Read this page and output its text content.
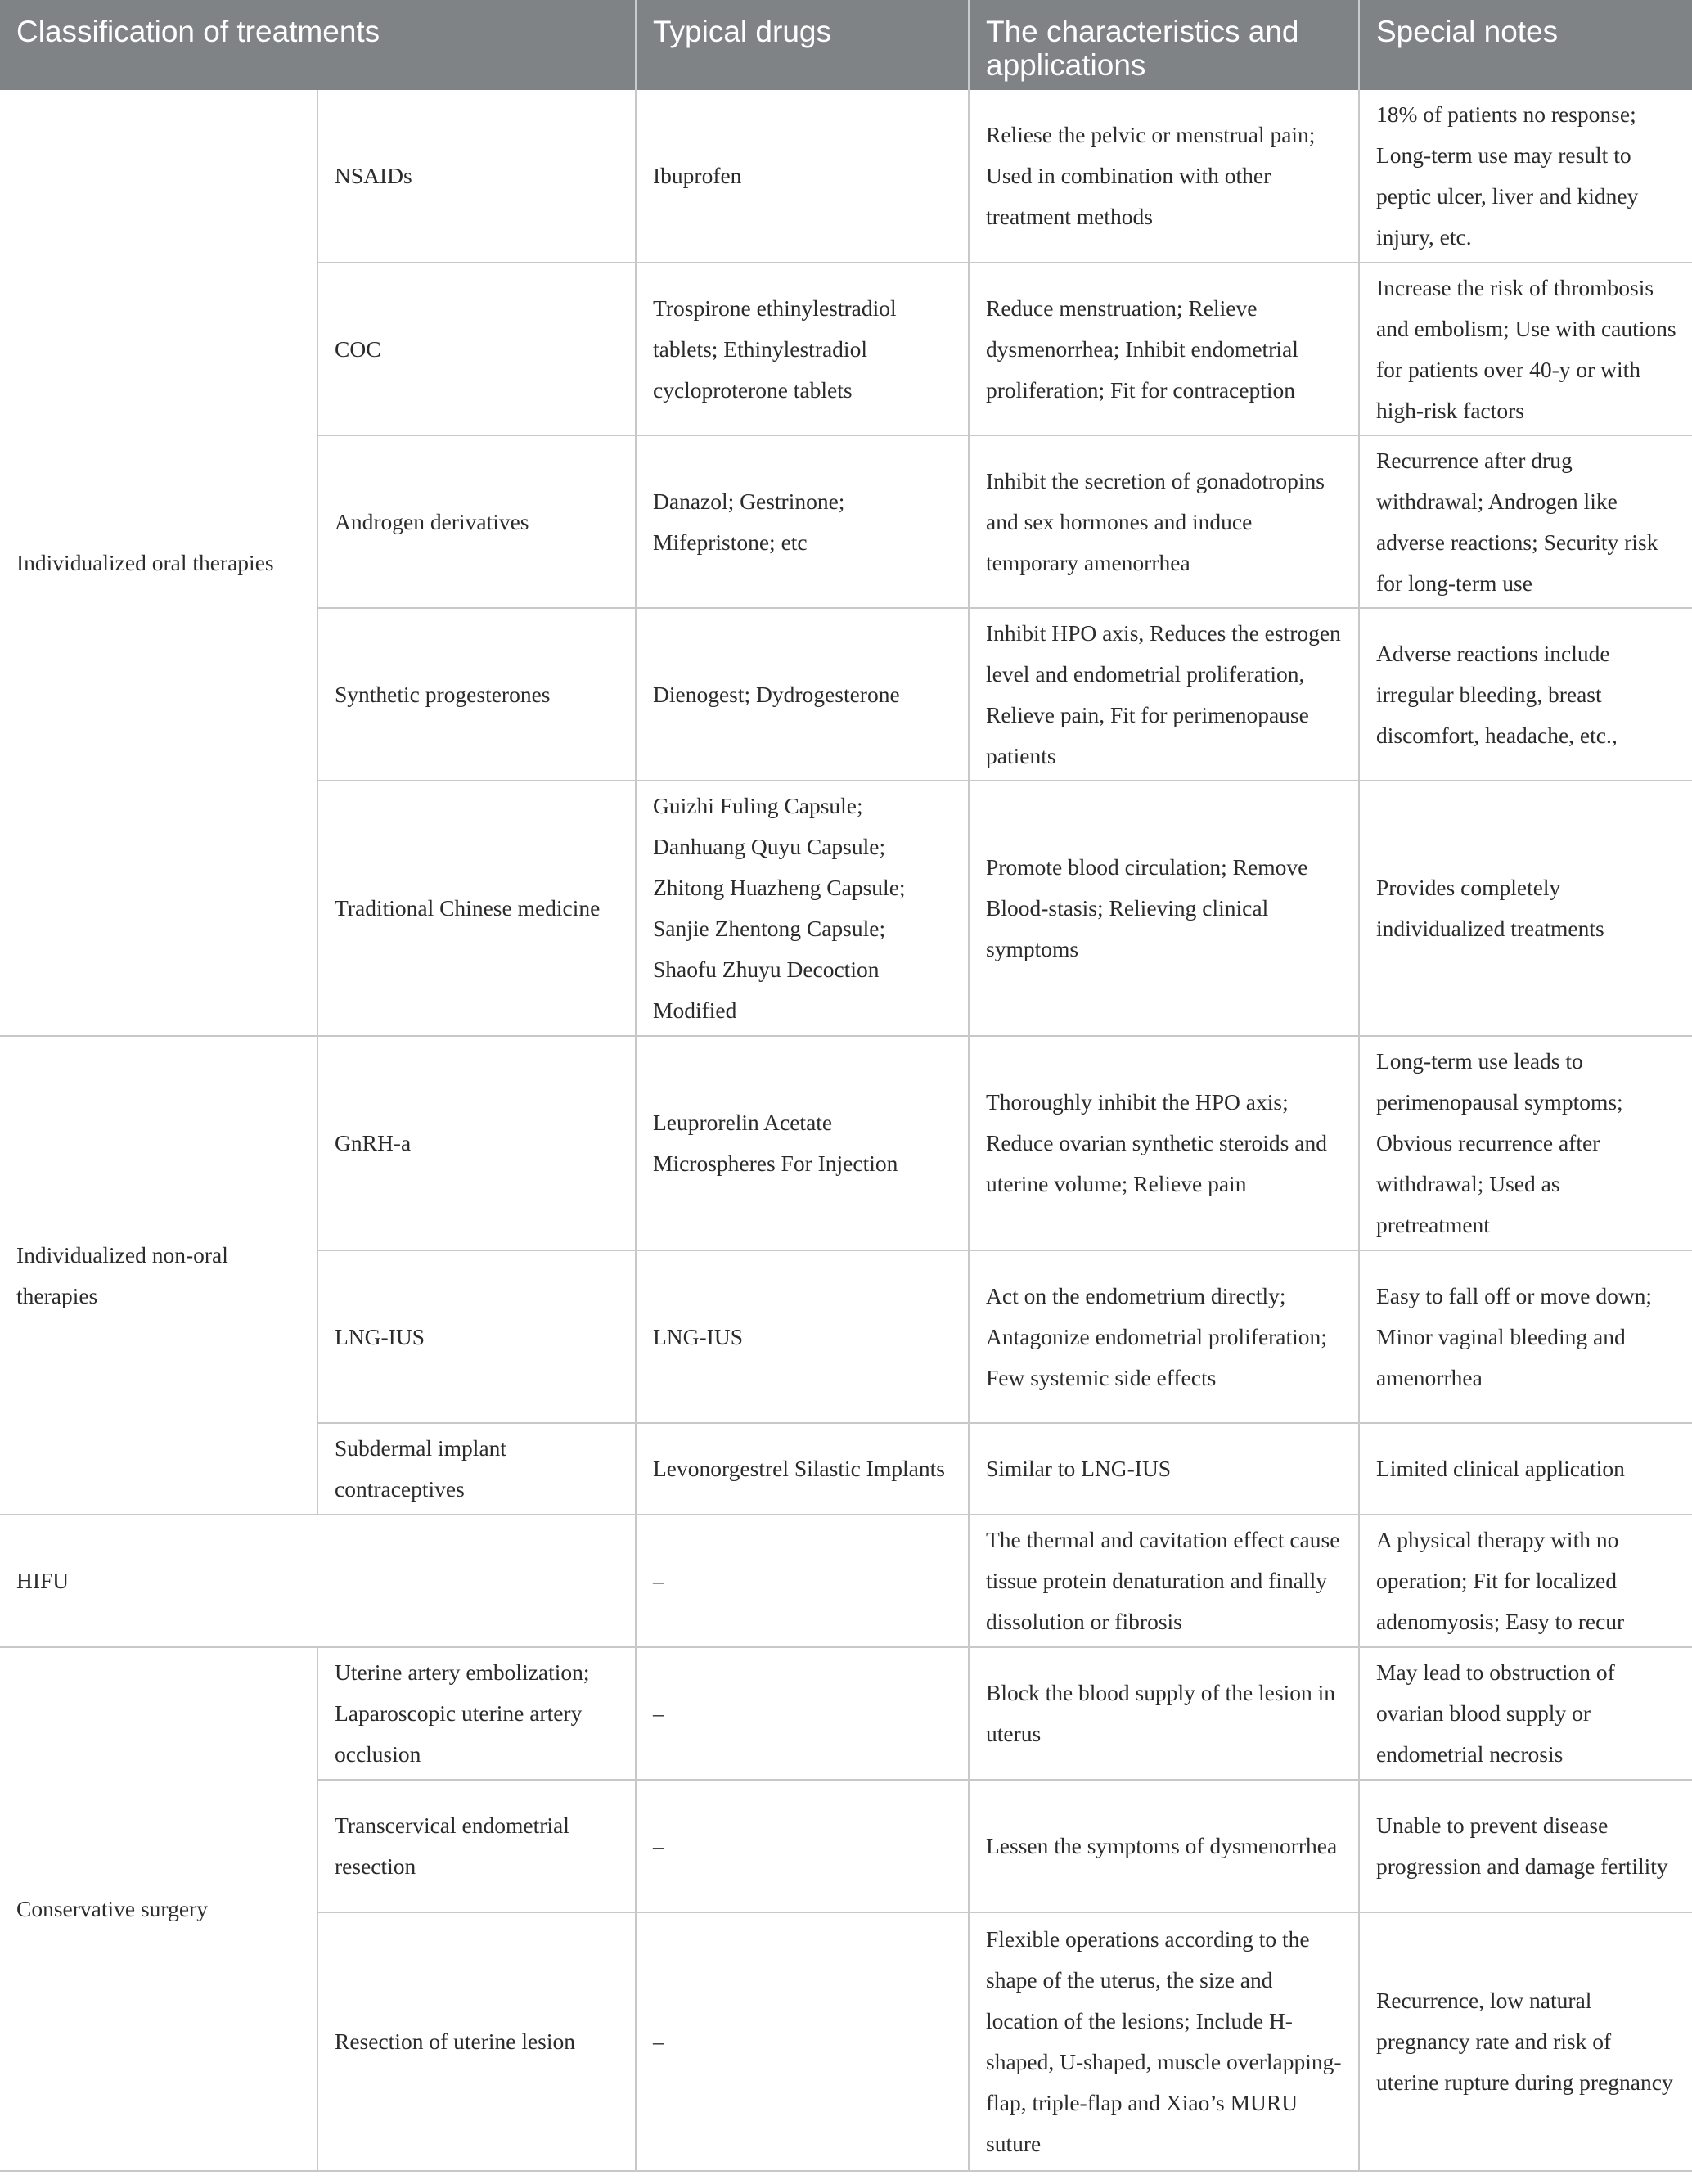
Classification of treatments		Typical drugs	The characteristics and applications	Special notes
Individualized oral therapies	NSAIDs	Ibuprofen	Reliese the pelvic or menstrual pain; Used in combination with other treatment methods	18% of patients no response; Long-term use may result to peptic ulcer, liver and kidney injury, etc.
	COC	Trospirone ethinylestradiol tablets; Ethinylestradiol cycloproterone tablets	Reduce menstruation; Relieve dysmenorrhea; Inhibit endometrial proliferation; Fit for contraception	Increase the risk of thrombosis and embolism; Use with cautions for patients over 40-y or with high-risk factors
	Androgen derivatives	Danazol; Gestrinone; Mifepristone; etc	Inhibit the secretion of gonadotropins and sex hormones and induce temporary amenorrhea	Recurrence after drug withdrawal; Androgen like adverse reactions; Security risk for long-term use
	Synthetic progesterones	Dienogest; Dydrogesterone	Inhibit HPO axis, Reduces the estrogen level and endometrial proliferation, Relieve pain, Fit for perimenopause patients	Adverse reactions include irregular bleeding, breast discomfort, headache, etc.,
	Traditional Chinese medicine	Guizhi Fuling Capsule; Danhuang Quyu Capsule; Zhitong Huazheng Capsule; Sanjie Zhentong Capsule; Shaofu Zhuyu Decoction Modified	Promote blood circulation; Remove Blood-stasis; Relieving clinical symptoms	Provides completely individualized treatments
Individualized non-oral therapies	GnRH-a	Leuprorelin Acetate Microspheres For Injection	Thoroughly inhibit the HPO axis; Reduce ovarian synthetic steroids and uterine volume; Relieve pain	Long-term use leads to perimenopausal symptoms; Obvious recurrence after withdrawal; Used as pretreatment
	LNG-IUS	LNG-IUS	Act on the endometrium directly; Antagonize endometrial proliferation; Few systemic side effects	Easy to fall off or move down; Minor vaginal bleeding and amenorrhea
	Subdermal implant contraceptives	Levonorgestrel Silastic Implants	Similar to LNG-IUS	Limited clinical application
HIFU		–	The thermal and cavitation effect cause tissue protein denaturation and finally dissolution or fibrosis	A physical therapy with no operation; Fit for localized adenomyosis; Easy to recur
Conservative surgery	Uterine artery embolization; Laparoscopic uterine artery occlusion	–	Block the blood supply of the lesion in uterus	May lead to obstruction of ovarian blood supply or endometrial necrosis
	Transcervical endometrial resection	–	Lessen the symptoms of dysmenorrhea	Unable to prevent disease progression and damage fertility
	Resection of uterine lesion	–	Flexible operations according to the shape of the uterus, the size and location of the lesions; Include H-shaped, U-shaped, muscle overlapping-flap, triple-flap and Xiao’s MURU suture	Recurrence, low natural pregnancy rate and risk of uterine rupture during pregnancy
